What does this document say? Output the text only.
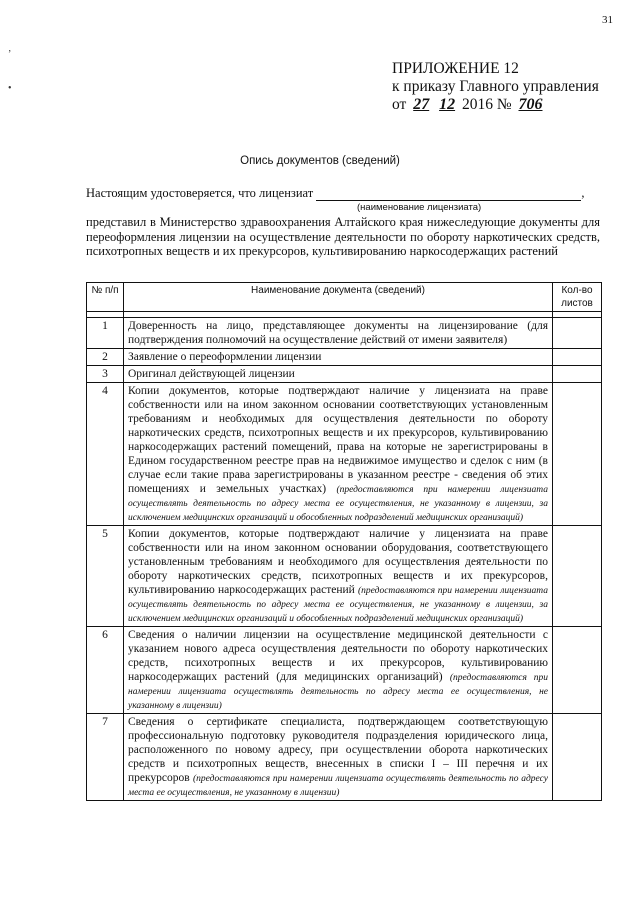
31
’
•
ПРИЛОЖЕНИЕ 12
к приказу Главного управления
от 27 12 2016 № 706
Опись документов (сведений)
Настоящим удостоверяется, что лицензиат	,
(наименование лицензиата)
представил в Министерство здравоохранения Алтайского края нижеследующие документы для переоформления лицензии на осуществление деятельности по обороту наркотических средств, психотропных веществ и их прекурсоров, культивированию наркосодержащих растений
№ п/п	Наименование документа (сведений)	Кол-во листов

1	Доверенность на лицо, представляющее документы на лицензирование (для подтверждения полномочий на осуществление действий от имени заявителя)	
2	Заявление о переоформлении лицензии	
3	Оригинал действующей лицензии	
4	Копии документов, которые подтверждают наличие у лицензиата на праве собственности или на ином законном основании соответствующих установленным требованиям и необходимых для осуществления деятельности по обороту наркотических средств, психотропных веществ и их прекурсоров, культивированию наркосодержащих растений помещений, права на которые не зарегистрированы в Едином государственном реестре прав на недвижимое имущество и сделок с ним (в случае если такие права зарегистрированы в указанном реестре - сведения об этих помещениях и земельных участках) (предоставляются при намерении лицензиата осуществлять деятельность по адресу места ее осуществления, не указанному в лицензии, за исключением медицинских организаций и обособленных подразделений медицинских организаций)	
5	Копии документов, которые подтверждают наличие у лицензиата на праве собственности или на ином законном основании оборудования, соответствующего установленным требованиям и необходимого для осуществления деятельности по обороту наркотических средств, психотропных веществ и их прекурсоров, культивированию наркосодержащих растений (предоставляются при намерении лицензиата осуществлять деятельность по адресу места ее осуществления, не указанному в лицензии, за исключением медицинских организаций и обособленных подразделений медицинских организаций)	
6	Сведения о наличии лицензии на осуществление медицинской деятельности с указанием нового адреса осуществления деятельности по обороту наркотических средств, психотропных веществ и их прекурсоров, культивированию наркосодержащих растений (для медицинских организаций) (предоставляются при намерении лицензиата осуществлять деятельность по адресу места ее осуществления, не указанному в лицензии)	
7	Сведения о сертификате специалиста, подтверждающем соответствующую профессиональную подготовку руководителя подразделения юридического лица, расположенного по новому адресу, при осуществлении оборота наркотических средств и психотропных веществ, внесенных в списки I – III перечня и их прекурсоров (предоставляются при намерении лицензиата осуществлять деятельность по адресу места ее осуществления, не указанному в лицензии)	
